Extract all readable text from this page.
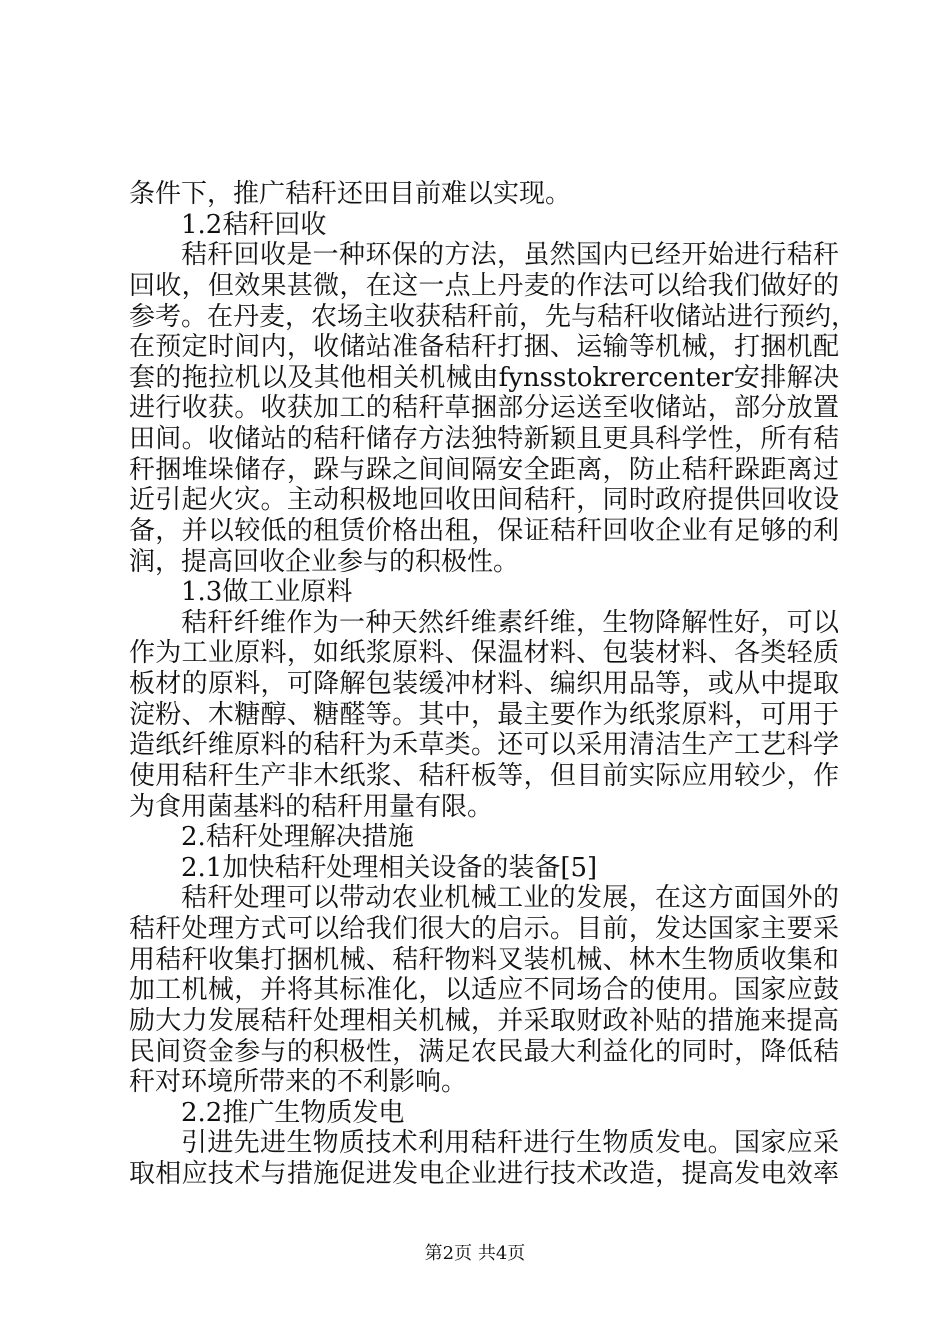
条件下，推广秸秆还田目前难以实现。
1.2秸秆回收
秸秆回收是一种环保的方法，虽然国内已经开始进行秸秆
回收，但效果甚微，在这一点上丹麦的作法可以给我们做好的
参考。在丹麦，农场主收获秸秆前，先与秸秆收储站进行预约，
在预定时间内，收储站准备秸秆打捆、运输等机械，打捆机配
套的拖拉机以及其他相关机械由fynsstokrercenter安排解决
进行收获。收获加工的秸秆草捆部分运送至收储站，部分放置
田间。收储站的秸秆储存方法独特新颖且更具科学性，所有秸
秆捆堆垛储存，跺与跺之间间隔安全距离，防止秸秆跺距离过
近引起火灾。主动积极地回收田间秸秆，同时政府提供回收设
备，并以较低的租赁价格出租，保证秸秆回收企业有足够的利
润，提高回收企业参与的积极性。
1.3做工业原料
秸秆纤维作为一种天然纤维素纤维，生物降解性好，可以
作为工业原料，如纸浆原料、保温材料、包装材料、各类轻质
板材的原料，可降解包装缓冲材料、编织用品等，或从中提取
淀粉、木糖醇、糖醛等。其中，最主要作为纸浆原料，可用于
造纸纤维原料的秸秆为禾草类。还可以采用清洁生产工艺科学
使用秸秆生产非木纸浆、秸秆板等，但目前实际应用较少，作
为食用菌基料的秸秆用量有限。
2.秸秆处理解决措施
2.1加快秸秆处理相关设备的装备[5]
秸秆处理可以带动农业机械工业的发展，在这方面国外的
秸秆处理方式可以给我们很大的启示。目前，发达国家主要采
用秸秆收集打捆机械、秸秆物料叉装机械、林木生物质收集和
加工机械，并将其标准化，以适应不同场合的使用。国家应鼓
励大力发展秸秆处理相关机械，并采取财政补贴的措施来提高
民间资金参与的积极性，满足农民最大利益化的同时，降低秸
秆对环境所带来的不利影响。
2.2推广生物质发电
引进先进生物质技术利用秸秆进行生物质发电。国家应采
取相应技术与措施促进发电企业进行技术改造，提高发电效率
第2页 共4页
